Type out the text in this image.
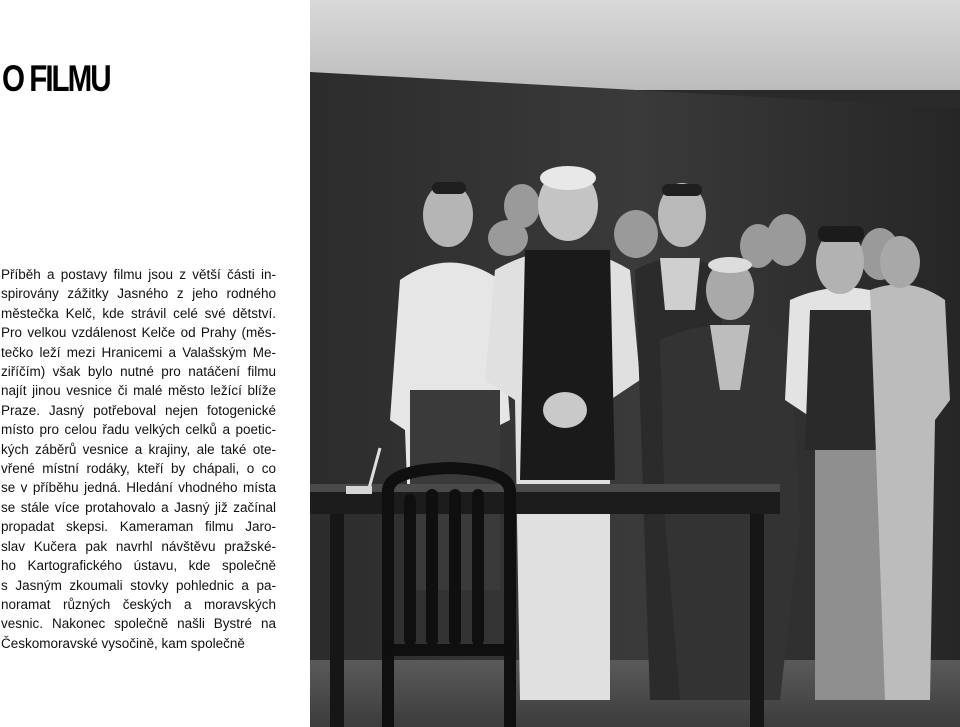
O FILMU

Příběh a postavy filmu jsou z větší části in-
spirovány zážitky Jasného z jeho rodného
městečka Kelč, kde strávil celé své dětství.
Pro velkou vzdálenost Kelče od Prahy (měs-
tečko leží mezi Hranicemi a Valašským Me-
ziříčím) však bylo nutné pro natáčení filmu
najít jinou vesnice či malé město ležící blíže
Praze. Jasný potřeboval nejen fotogenické
místo pro celou řadu velkých celků a poetic-
kých záběrů vesnice a krajiny, ale také ote-
vřené místní rodáky, kteří by chápali, o co
se v příběhu jedná. Hledání vhodného místa
se stále více protahovalo a Jasný již začínal
propadat skepsi. Kameraman filmu Jaro-
slav Kučera pak navrhl návštěvu pražské-
ho Kartografického ústavu, kde společně
s Jasným zkoumali stovky pohlednic a pa-
noramat různých českých a moravských
vesnic. Nakonec společně našli Bystré na
Českomoravské vysočině, kam společně
